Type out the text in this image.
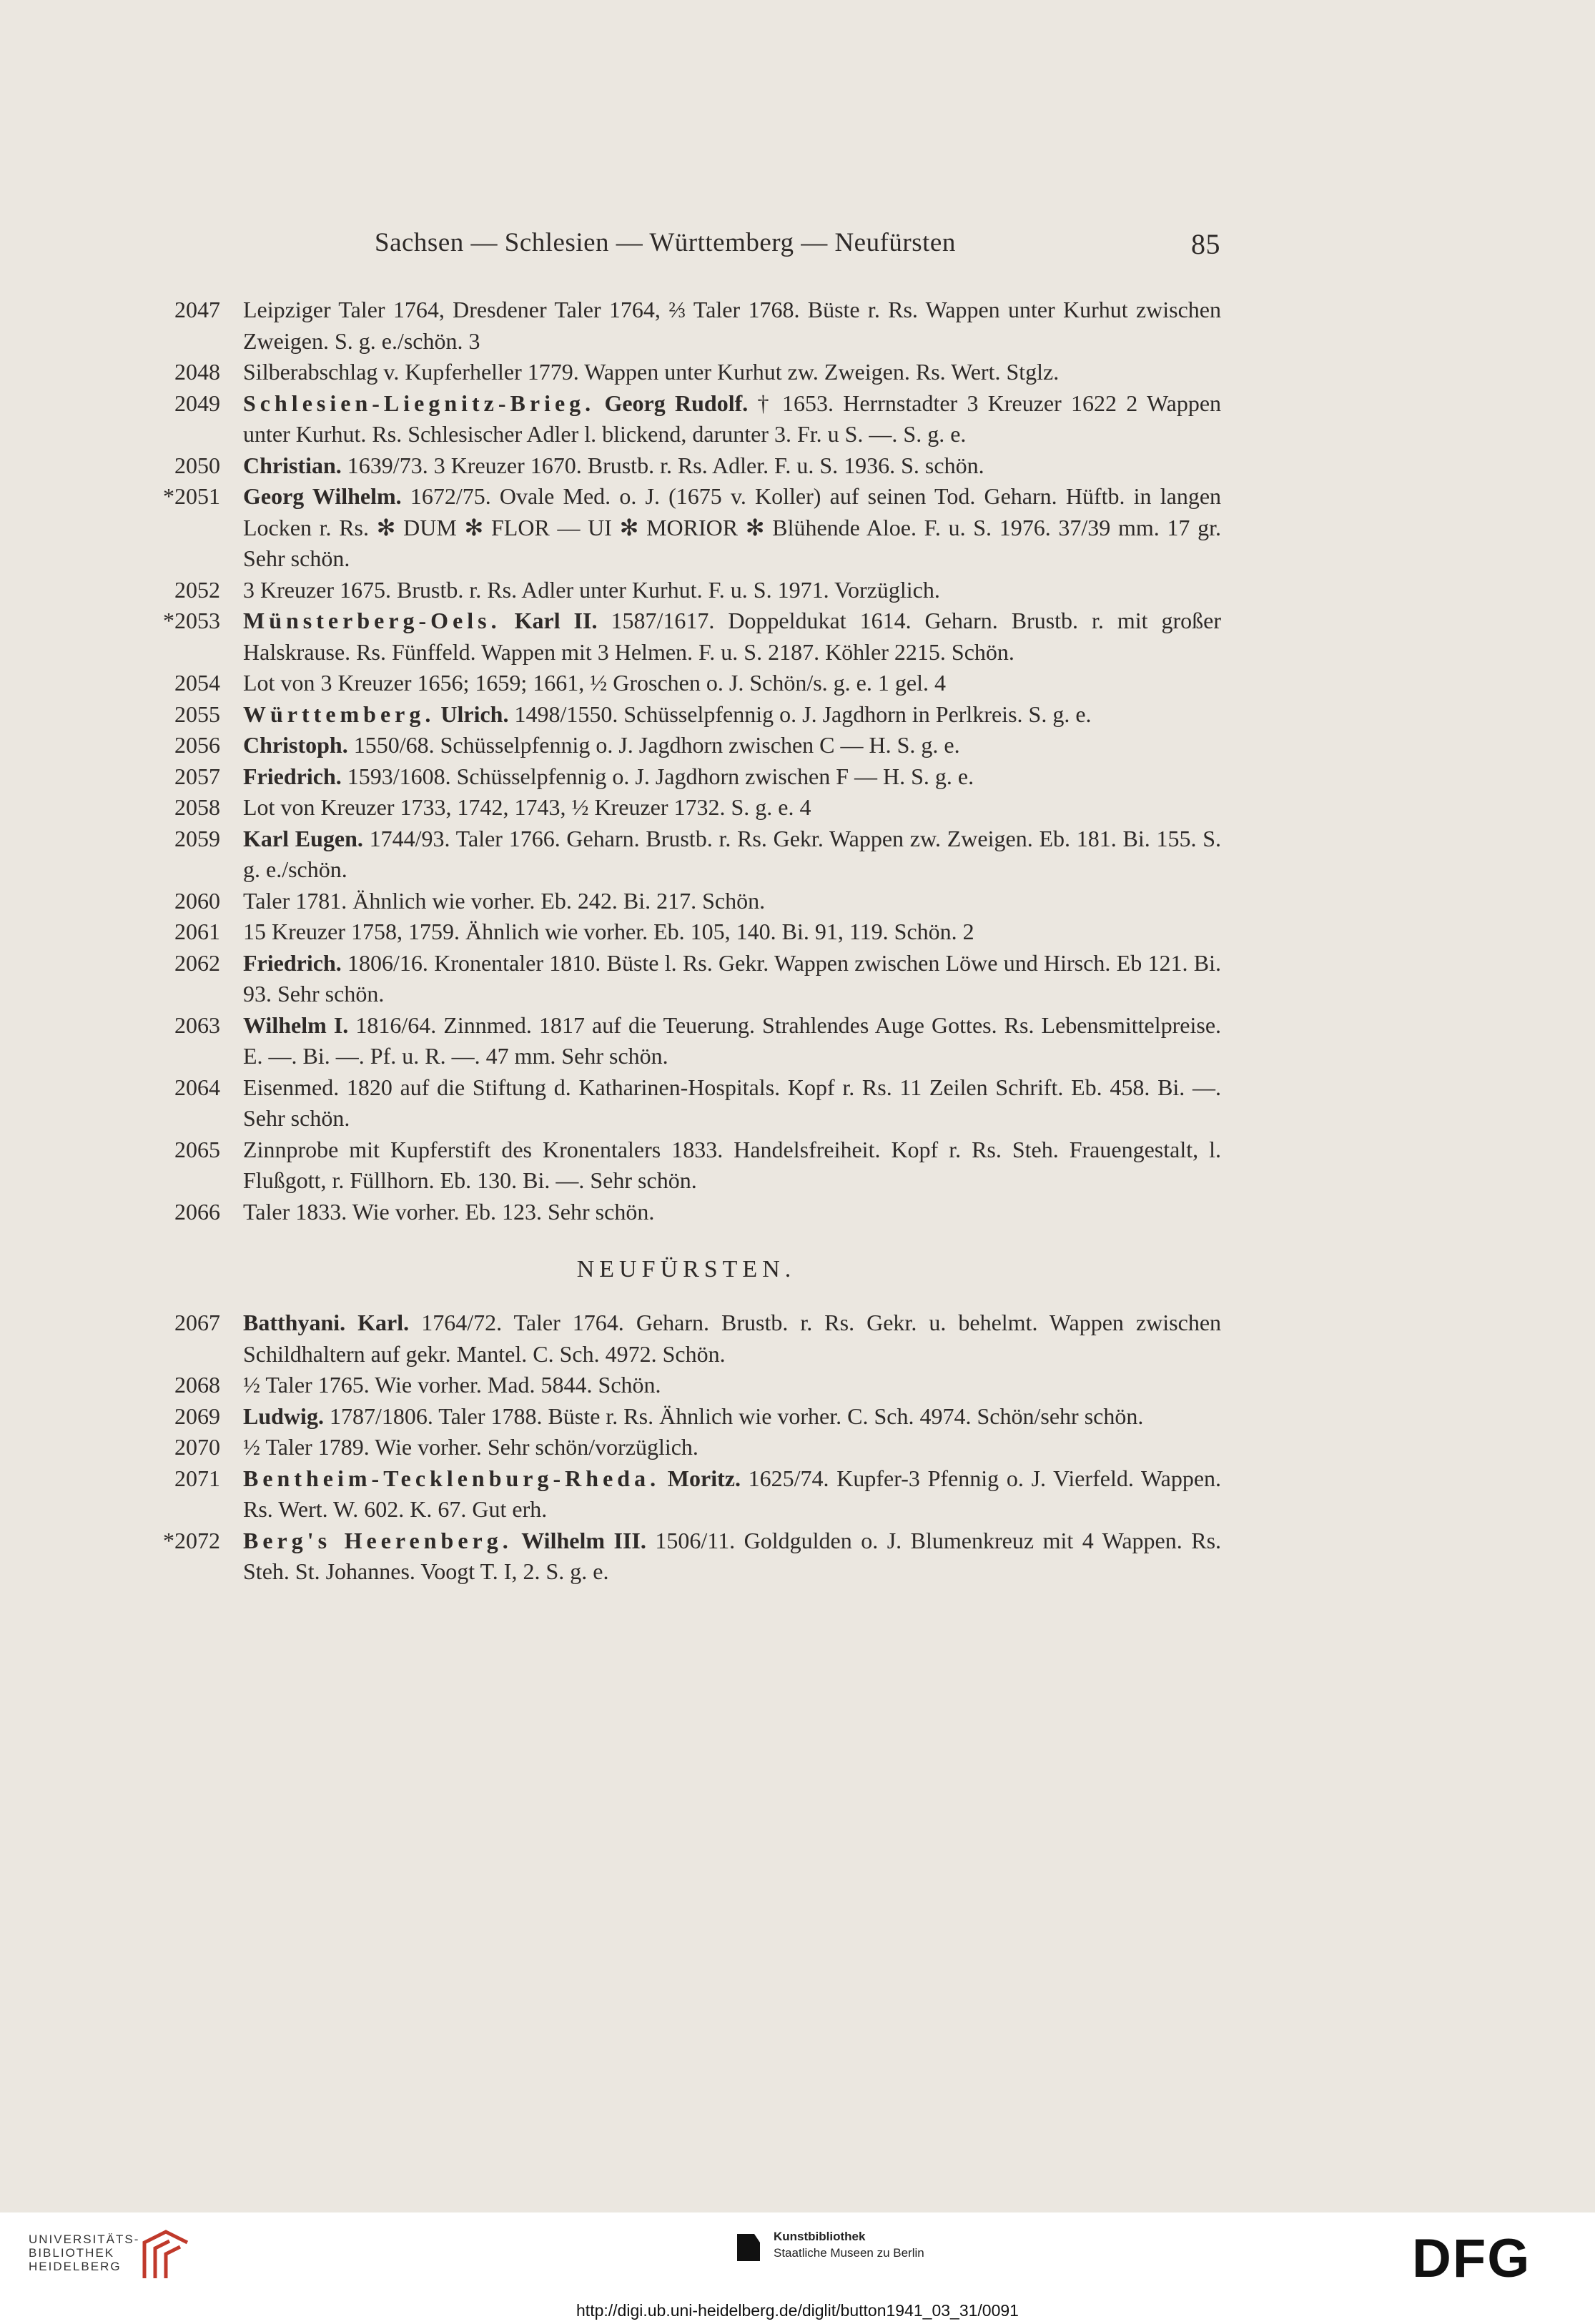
Sachsen — Schlesien — Württemberg — Neufürsten	85
2047 Leipziger Taler 1764, Dresdener Taler 1764, ⅔ Taler 1768. Büste r. Rs. Wappen unter Kurhut zwischen Zweigen. S. g. e./schön. 3
2048 Silberabschlag v. Kupferheller 1779. Wappen unter Kurhut zw. Zweigen. Rs. Wert. Stglz.
2049 Schlesien-Liegnitz-Brieg. Georg Rudolf. † 1653. Herrnstadter 3 Kreuzer 1622 2 Wappen unter Kurhut. Rs. Schlesischer Adler l. blickend, darunter 3. Fr. u S. —. S. g. e.
2050 Christian. 1639/73. 3 Kreuzer 1670. Brustb. r. Rs. Adler. F. u. S. 1936. S. schön.
*2051 Georg Wilhelm. 1672/75. Ovale Med. o. J. (1675 v. Koller) auf seinen Tod. Geharn. Hüftb. in langen Locken r. Rs. ✻ DUM ✻ FLOR — UI ✻ MORIOR ✻ Blühende Aloe. F. u. S. 1976. 37/39 mm. 17 gr. Sehr schön.
2052 3 Kreuzer 1675. Brustb. r. Rs. Adler unter Kurhut. F. u. S. 1971. Vorzüglich.
*2053 Münsterberg-Oels. Karl II. 1587/1617. Doppeldukat 1614. Geharn. Brustb. r. mit großer Halskrause. Rs. Fünffeld. Wappen mit 3 Helmen. F. u. S. 2187. Köhler 2215. Schön.
2054 Lot von 3 Kreuzer 1656; 1659; 1661, ½ Groschen o. J. Schön/s. g. e. 1 gel. 4
2055 Württemberg. Ulrich. 1498/1550. Schüsselpfennig o. J. Jagdhorn in Perlkreis. S. g. e.
2056 Christoph. 1550/68. Schüsselpfennig o. J. Jagdhorn zwischen C — H. S. g. e.
2057 Friedrich. 1593/1608. Schüsselpfennig o. J. Jagdhorn zwischen F — H. S. g. e.
2058 Lot von Kreuzer 1733, 1742, 1743, ½ Kreuzer 1732. S. g. e. 4
2059 Karl Eugen. 1744/93. Taler 1766. Geharn. Brustb. r. Rs. Gekr. Wappen zw. Zweigen. Eb. 181. Bi. 155. S. g. e./schön.
2060 Taler 1781. Ähnlich wie vorher. Eb. 242. Bi. 217. Schön.
2061 15 Kreuzer 1758, 1759. Ähnlich wie vorher. Eb. 105, 140. Bi. 91, 119. Schön. 2
2062 Friedrich. 1806/16. Kronentaler 1810. Büste l. Rs. Gekr. Wappen zwischen Löwe und Hirsch. Eb 121. Bi. 93. Sehr schön.
2063 Wilhelm I. 1816/64. Zinnmed. 1817 auf die Teuerung. Strahlendes Auge Gottes. Rs. Lebensmittelpreise. E. —. Bi. —. Pf. u. R. —. 47 mm. Sehr schön.
2064 Eisenmed. 1820 auf die Stiftung d. Katharinen-Hospitals. Kopf r. Rs. 11 Zeilen Schrift. Eb. 458. Bi. —. Sehr schön.
2065 Zinnprobe mit Kupferstift des Kronentalers 1833. Handelsfreiheit. Kopf r. Rs. Steh. Frauengestalt, l. Flußgott, r. Füllhorn. Eb. 130. Bi. —. Sehr schön.
2066 Taler 1833. Wie vorher. Eb. 123. Sehr schön.
NEUFÜRSTEN.
2067 Batthyani. Karl. 1764/72. Taler 1764. Geharn. Brustb. r. Rs. Gekr. u. behelmt. Wappen zwischen Schildhaltern auf gekr. Mantel. C. Sch. 4972. Schön.
2068 ½ Taler 1765. Wie vorher. Mad. 5844. Schön.
2069 Ludwig. 1787/1806. Taler 1788. Büste r. Rs. Ähnlich wie vorher. C. Sch. 4974. Schön/sehr schön.
2070 ½ Taler 1789. Wie vorher. Sehr schön/vorzüglich.
2071 Bentheim-Tecklenburg-Rheda. Moritz. 1625/74. Kupfer-3 Pfennig o. J. Vierfeld. Wappen. Rs. Wert. W. 602. K. 67. Gut erh.
*2072 Berg's Heerenberg. Wilhelm III. 1506/11. Goldgulden o. J. Blumenkreuz mit 4 Wappen. Rs. Steh. St. Johannes. Voogt T. I, 2. S. g. e.
UNIVERSITÄTS-
BIBLIOTHEK
HEIDELBERG
Kunstbibliothek
Staatliche Museen zu Berlin	DFG
http://digi.ub.uni-heidelberg.de/diglit/button1941_03_31/0091
